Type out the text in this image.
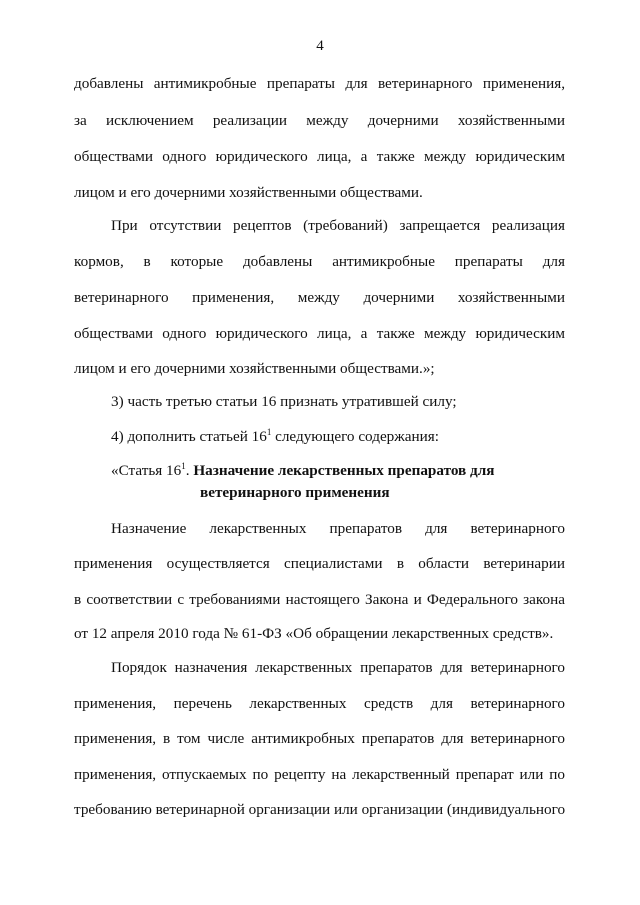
4
добавлены антимикробные препараты для ветеринарного применения,
за исключением реализации между дочерними хозяйственными
обществами одного юридического лица, а также между юридическим
лицом и его дочерними хозяйственными обществами.
При отсутствии рецептов (требований) запрещается реализация
кормов, в которые добавлены антимикробные препараты для
ветеринарного применения, между дочерними хозяйственными
обществами одного юридического лица, а также между юридическим
лицом и его дочерними хозяйственными обществами.»;
3) часть третью статьи 16 признать утратившей силу;
4) дополнить статьей $16^1$ следующего содержания:
«Статья $16^1$. Назначение лекарственных препаратов для
ветеринарного применения
Назначение лекарственных препаратов для ветеринарного
применения осуществляется специалистами в области ветеринарии
в соответствии с требованиями настоящего Закона и Федерального закона
от 12 апреля 2010 года № 61-ФЗ «Об обращении лекарственных средств».
Порядок назначения лекарственных препаратов для ветеринарного
применения, перечень лекарственных средств для ветеринарного
применения, в том числе антимикробных препаратов для ветеринарного
применения, отпускаемых по рецепту на лекарственный препарат или по
требованию ветеринарной организации или организации (индивидуального
